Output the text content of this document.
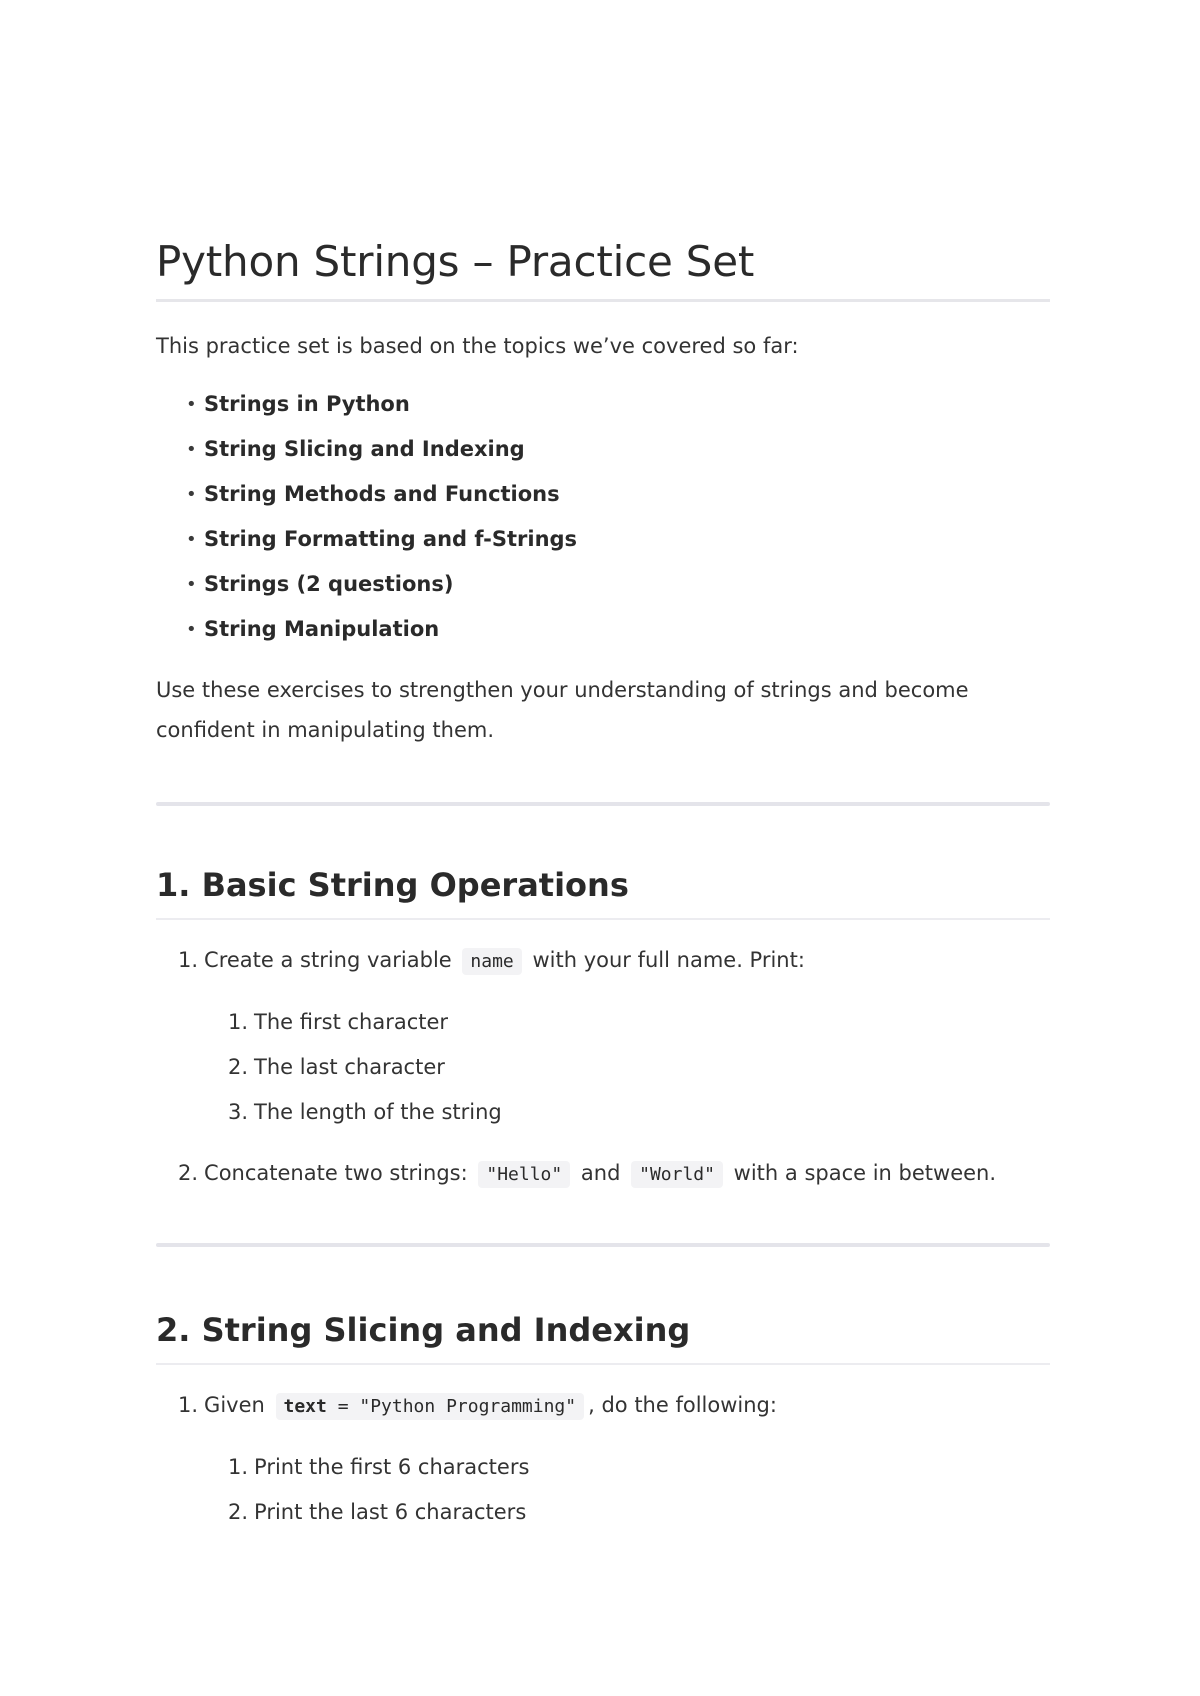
Python Strings – Practice Set

This practice set is based on the topics we’ve covered so far:

• Strings in Python
• String Slicing and Indexing
• String Methods and Functions
• String Formatting and f-Strings
• Strings (2 questions)
• String Manipulation

Use these exercises to strengthen your understanding of strings and become confident in manipulating them.

1. Basic String Operations
1. Create a string variable name with your full name. Print:
1. The first character
2. The last character
3. The length of the string
2. Concatenate two strings: "Hello" and "World" with a space in between.
2. String Slicing and Indexing
1. Given text = "Python Programming" , do the following:
1. Print the first 6 characters
2. Print the last 6 characters
